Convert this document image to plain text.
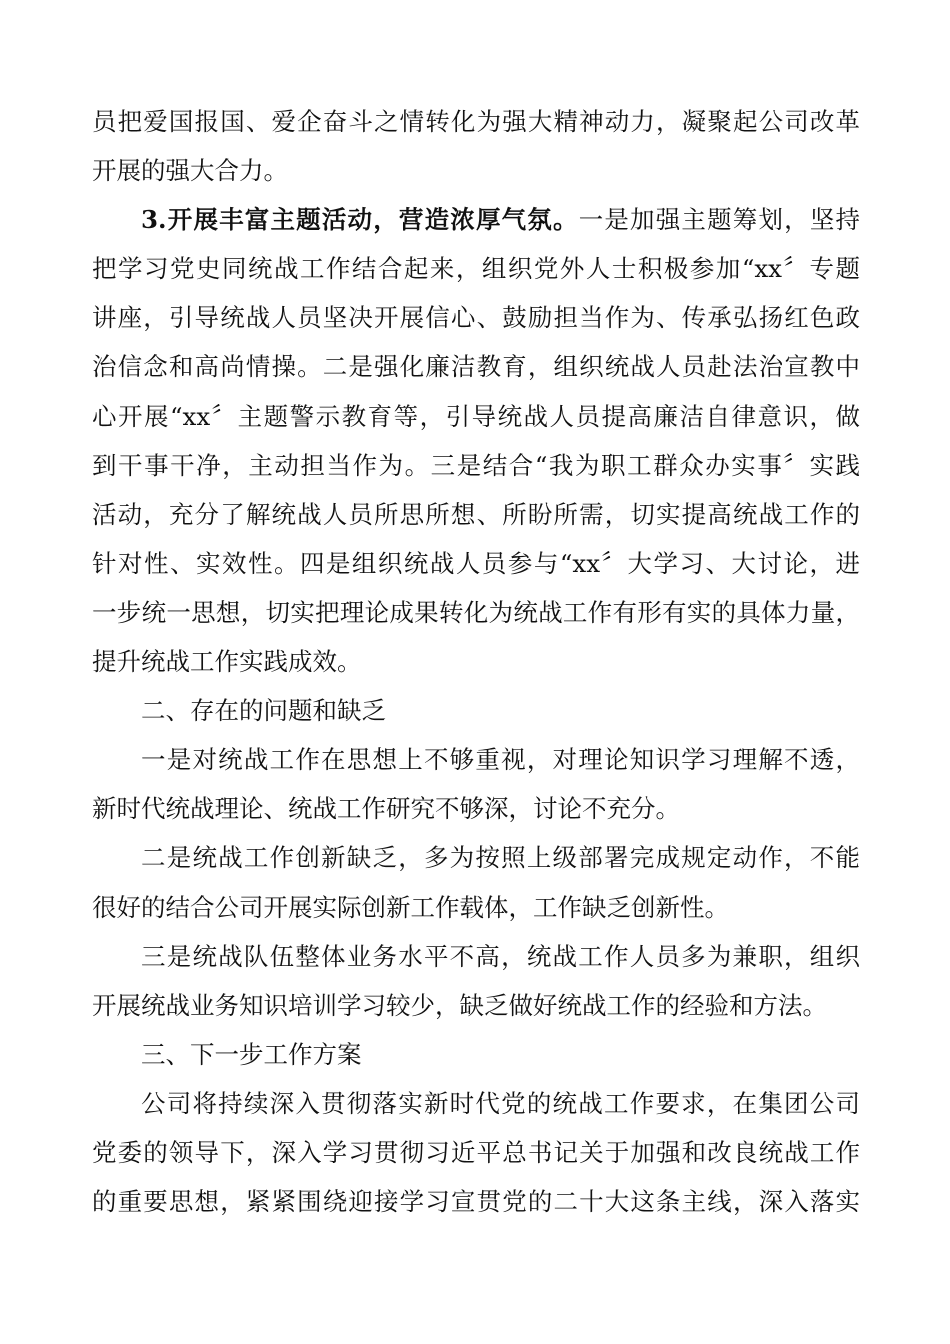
员把爱国报国、爱企奋斗之情转化为强大精神动力，凝聚起公司改革
开展的强大合力。
3.开展丰富主题活动，营造浓厚气氛。一是加强主题筹划，坚持
把学习党史同统战工作结合起来，组织党外人士积极参加“xx〞专题
讲座，引导统战人员坚决开展信心、鼓励担当作为、传承弘扬红色政
治信念和高尚情操。二是强化廉洁教育，组织统战人员赴法治宣教中
心开展“xx〞主题警示教育等，引导统战人员提高廉洁自律意识，做
到干事干净，主动担当作为。三是结合“我为职工群众办实事〞实践
活动，充分了解统战人员所思所想、所盼所需，切实提高统战工作的
针对性、实效性。四是组织统战人员参与“xx〞大学习、大讨论，进
一步统一思想，切实把理论成果转化为统战工作有形有实的具体力量，
提升统战工作实践成效。
二、存在的问题和缺乏
一是对统战工作在思想上不够重视，对理论知识学习理解不透，
新时代统战理论、统战工作研究不够深，讨论不充分。
二是统战工作创新缺乏，多为按照上级部署完成规定动作，不能
很好的结合公司开展实际创新工作载体，工作缺乏创新性。
三是统战队伍整体业务水平不高，统战工作人员多为兼职，组织
开展统战业务知识培训学习较少，缺乏做好统战工作的经验和方法。
三、下一步工作方案
公司将持续深入贯彻落实新时代党的统战工作要求，在集团公司
党委的领导下，深入学习贯彻习近平总书记关于加强和改良统战工作
的重要思想，紧紧围绕迎接学习宣贯党的二十大这条主线，深入落实
